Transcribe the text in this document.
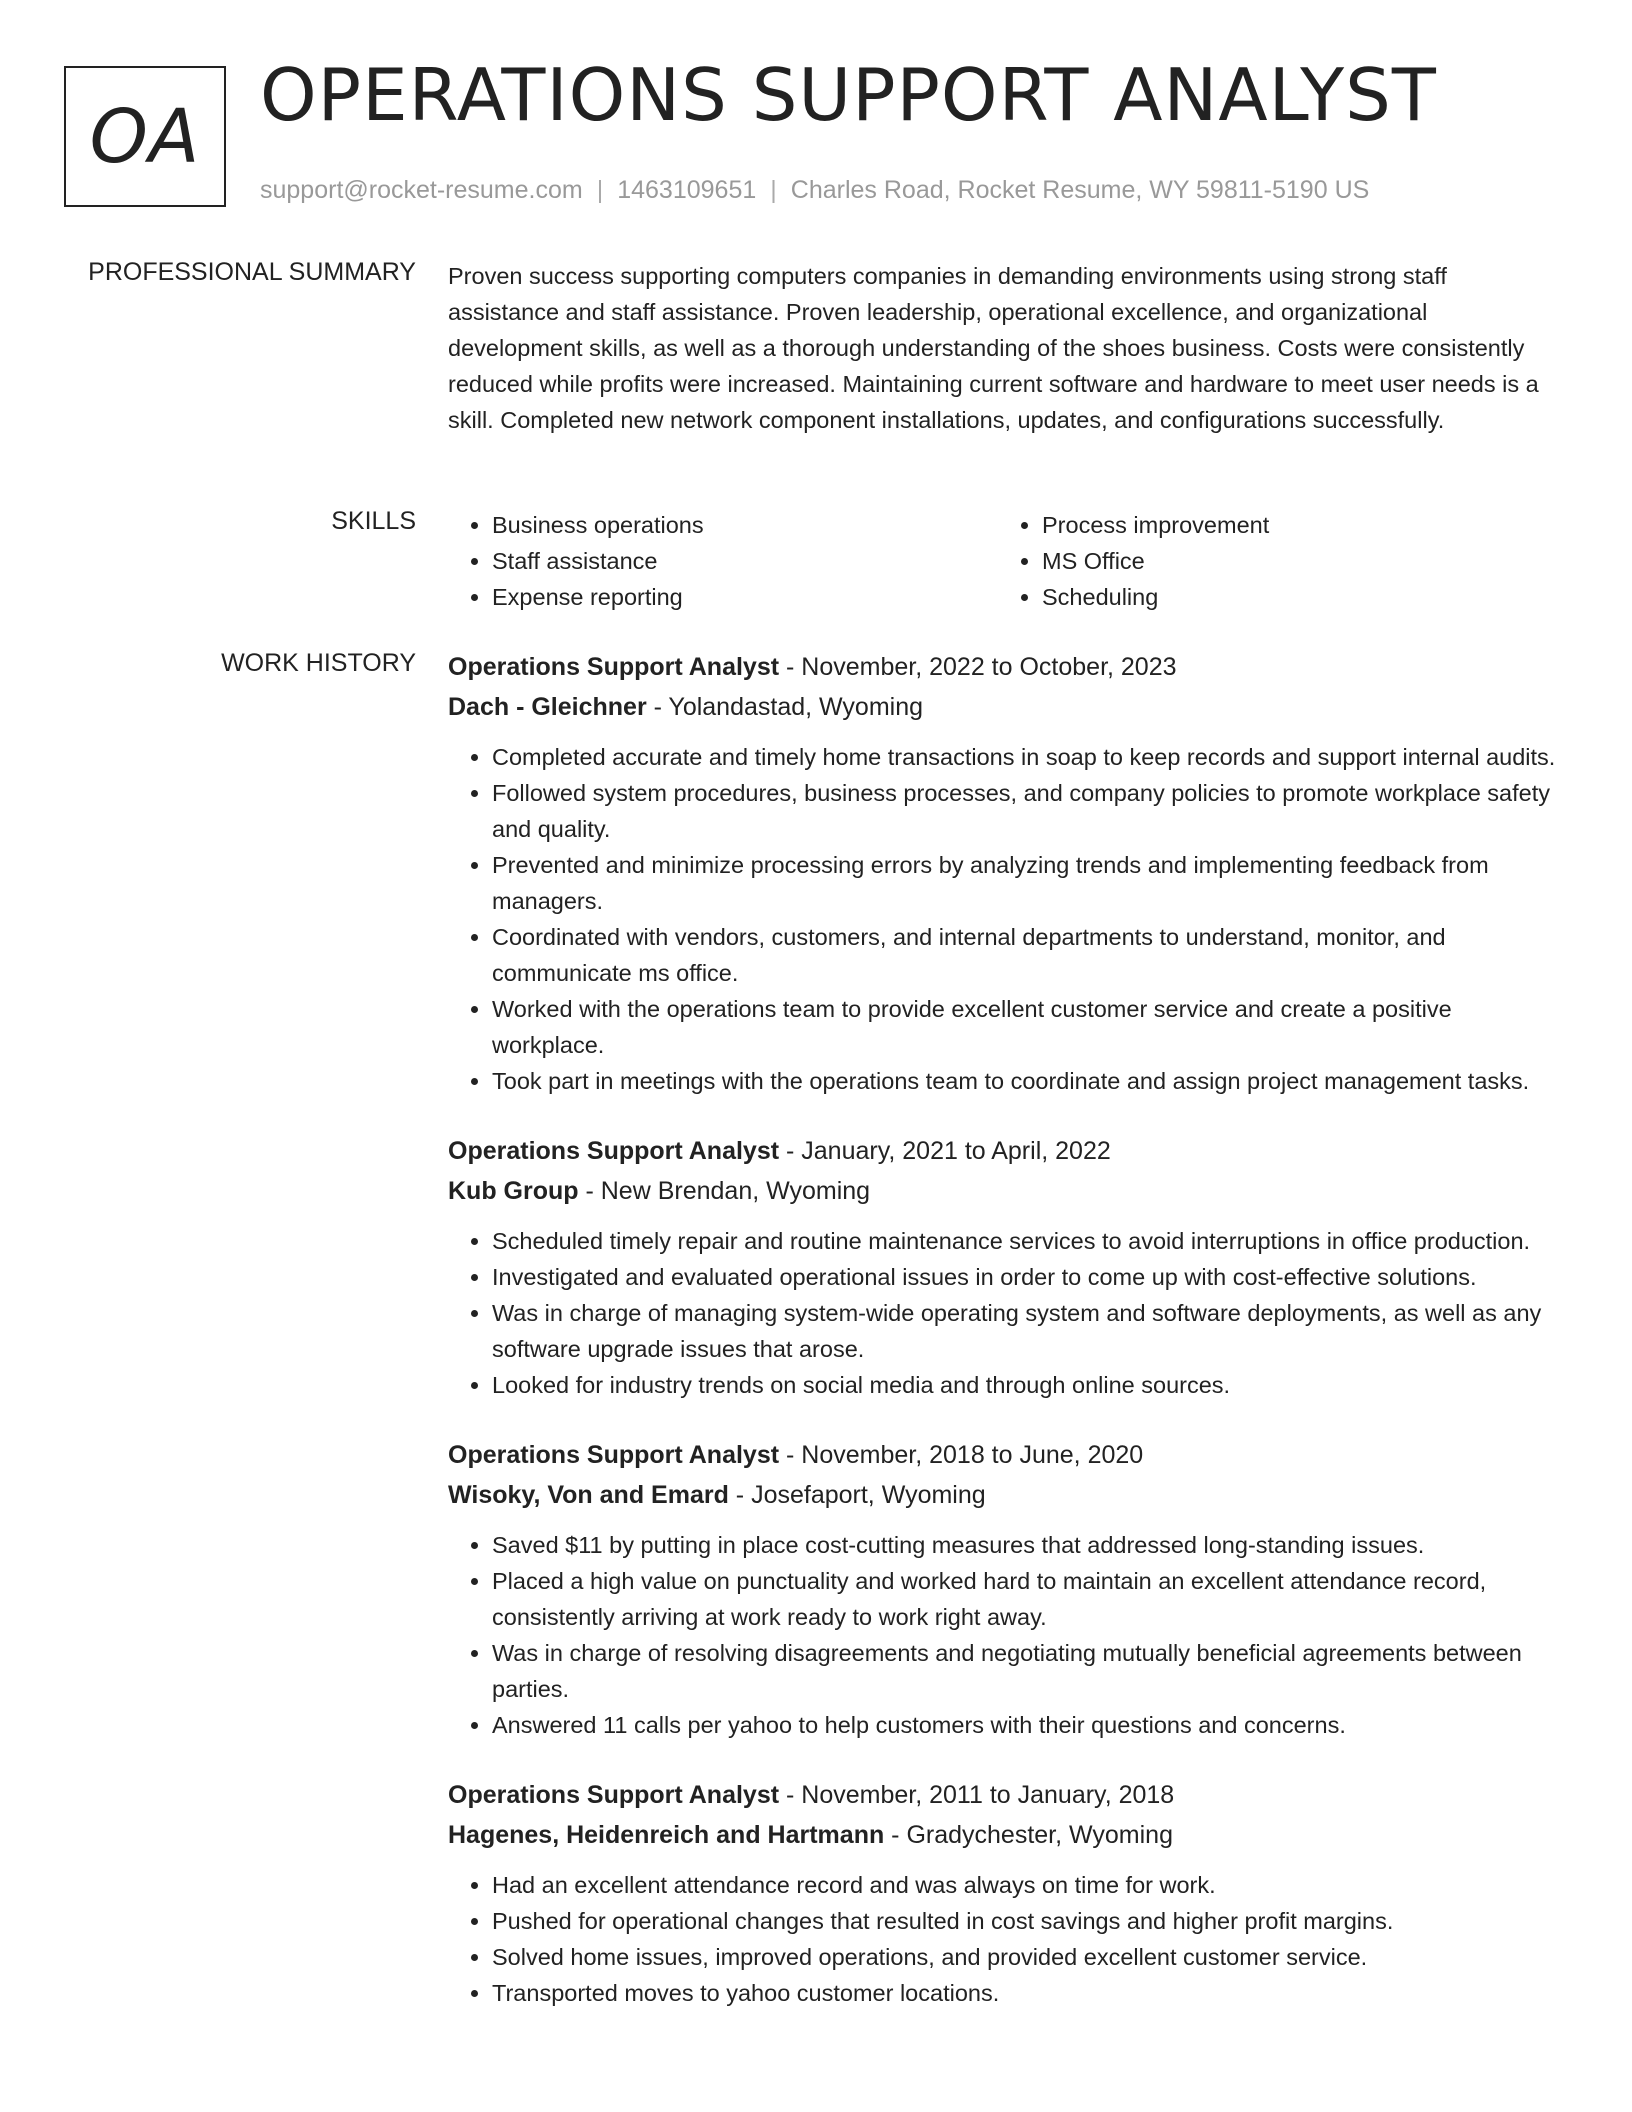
OA OPERATIONS SUPPORT ANALYST
support@rocket-resume.com | 1463109651 | Charles Road, Rocket Resume, WY 59811-5190 US
PROFESSIONAL SUMMARY Proven success supporting computers companies in demanding environments using strong staff assistance and staff assistance. Proven leadership, operational excellence, and organizational development skills, as well as a thorough understanding of the shoes business. Costs were consistently reduced while profits were increased. Maintaining current software and hardware to meet user needs is a skill. Completed new network component installations, updates, and configurations successfully.

SKILLS
•	Business operations
• Staff assistance
• Expense reporting
• Process improvement
• MS Office
• Scheduling
WORK HISTORY Operations Support Analyst - November, 2022 to October, 2023
Dach - Gleichner - Yolandastad, Wyoming
• Completed accurate and timely home transactions in soap to keep records and support internal audits.
• Followed system procedures, business processes, and company policies to promote workplace safety and quality.
• Prevented and minimize processing errors by analyzing trends and implementing feedback from managers.
• Coordinated with vendors, customers, and internal departments to understand, monitor, and communicate ms office.
• Worked with the operations team to provide excellent customer service and create a positive workplace.
• Took part in meetings with the operations team to coordinate and assign project management tasks.
Operations Support Analyst - January, 2021 to April, 2022
Kub Group - New Brendan, Wyoming
• Scheduled timely repair and routine maintenance services to avoid interruptions in office production.
• Investigated and evaluated operational issues in order to come up with cost-effective solutions.
• Was in charge of managing system-wide operating system and software deployments, as well as any software upgrade issues that arose.
• Looked for industry trends on social media and through online sources.
Operations Support Analyst - November, 2018 to June, 2020
Wisoky, Von and Emard - Josefaport, Wyoming
• Saved $11 by putting in place cost-cutting measures that addressed long-standing issues.
• Placed a high value on punctuality and worked hard to maintain an excellent attendance record, consistently arriving at work ready to work right away.
• Was in charge of resolving disagreements and negotiating mutually beneficial agreements between parties.
• Answered 11 calls per yahoo to help customers with their questions and concerns.
Operations Support Analyst - November, 2011 to January, 2018
Hagenes, Heidenreich and Hartmann - Gradychester, Wyoming
• Had an excellent attendance record and was always on time for work.
• Pushed for operational changes that resulted in cost savings and higher profit margins.
• Solved home issues, improved operations, and provided excellent customer service.
• Transported moves to yahoo customer locations.
